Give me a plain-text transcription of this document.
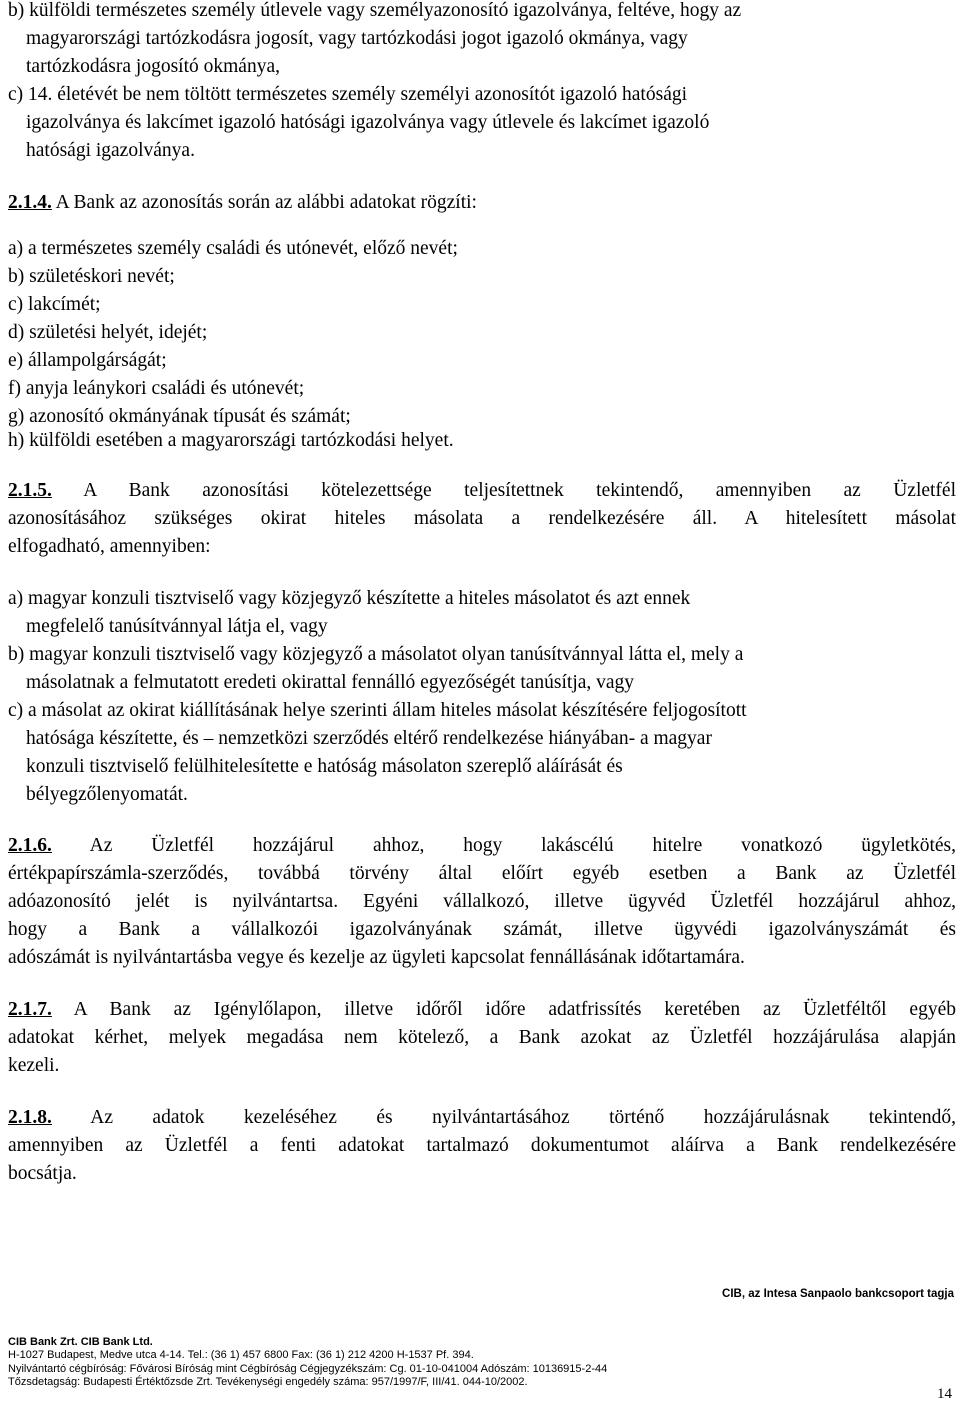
b) külföldi természetes személy útlevele vagy személyazonosító igazolványa, feltéve, hogy az
magyarországi tartózkodásra jogosít, vagy tartózkodási jogot igazoló okmánya, vagy
tartózkodásra jogosító okmánya,
c) 14. életévét be nem töltött természetes személy személyi azonosítót igazoló hatósági
igazolványa és lakcímet igazoló hatósági igazolványa vagy útlevele és lakcímet igazoló
hatósági igazolványa.
2.1.4. A Bank az azonosítás során az alábbi adatokat rögzíti:
a) a természetes személy családi és utónevét, előző nevét;
b) születéskori nevét;
c) lakcímét;
d) születési helyét, idejét;
e) állampolgárságát;
f) anyja leánykori családi és utónevét;
g) azonosító okmányának típusát és számát;
h) külföldi esetében a magyarországi tartózkodási helyet.
2.1.5. A Bank azonosítási kötelezettsége teljesítettnek tekintendő, amennyiben az Üzletfél
azonosításához szükséges okirat hiteles másolata a rendelkezésére áll. A hitelesített másolat
elfogadható, amennyiben:
a) magyar konzuli tisztviselő vagy közjegyző készítette a hiteles másolatot és azt ennek
megfelelő tanúsítvánnyal látja el, vagy
b) magyar konzuli tisztviselő vagy közjegyző a másolatot olyan tanúsítvánnyal látta el, mely a
másolatnak a felmutatott eredeti okirattal fennálló egyezőségét tanúsítja, vagy
c) a másolat az okirat kiállításának helye szerinti állam hiteles másolat készítésére feljogosított
hatósága készítette, és – nemzetközi szerződés eltérő rendelkezése hiányában- a magyar
konzuli tisztviselő felülhitelesítette e hatóság másolaton szereplő aláírását és
bélyegzőlenyomatát.
2.1.6. Az Üzletfél hozzájárul ahhoz, hogy lakáscélú hitelre vonatkozó ügyletkötés,
értékpapírszámla-szerződés, továbbá törvény által előírt egyéb esetben a Bank az Üzletfél
adóazonosító jelét is nyilvántartsa. Egyéni vállalkozó, illetve ügyvéd Üzletfél hozzájárul ahhoz,
hogy a Bank a vállalkozói igazolványának számát, illetve ügyvédi igazolványszámát és
adószámát is nyilvántartásba vegye és kezelje az ügyleti kapcsolat fennállásának időtartamára.
2.1.7. A Bank az Igénylőlapon, illetve időről időre adatfrissítés keretében az Üzletféltől egyéb
adatokat kérhet, melyek megadása nem kötelező, a Bank azokat az Üzletfél hozzájárulása alapján
kezeli.
2.1.8. Az adatok kezeléséhez és nyilvántartásához történő hozzájárulásnak tekintendő,
amennyiben az Üzletfél a fenti adatokat tartalmazó dokumentumot aláírva a Bank rendelkezésére
bocsátja.
CIB, az Intesa Sanpaolo bankcsoport tagja
CIB Bank Zrt. CIB Bank Ltd.
H-1027 Budapest, Medve utca 4-14. Tel.: (36 1) 457 6800 Fax: (36 1) 212 4200 H-1537 Pf. 394.
Nyilvántartó cégbíróság: Fővárosi Bíróság mint Cégbíróság Cégjegyzékszám: Cg. 01-10-041004 Adószám: 10136915-2-44
Tőzsdetagság: Budapesti Értéktőzsde Zrt. Tevékenységi engedély száma: 957/1997/F, III/41. 044-10/2002.
14
